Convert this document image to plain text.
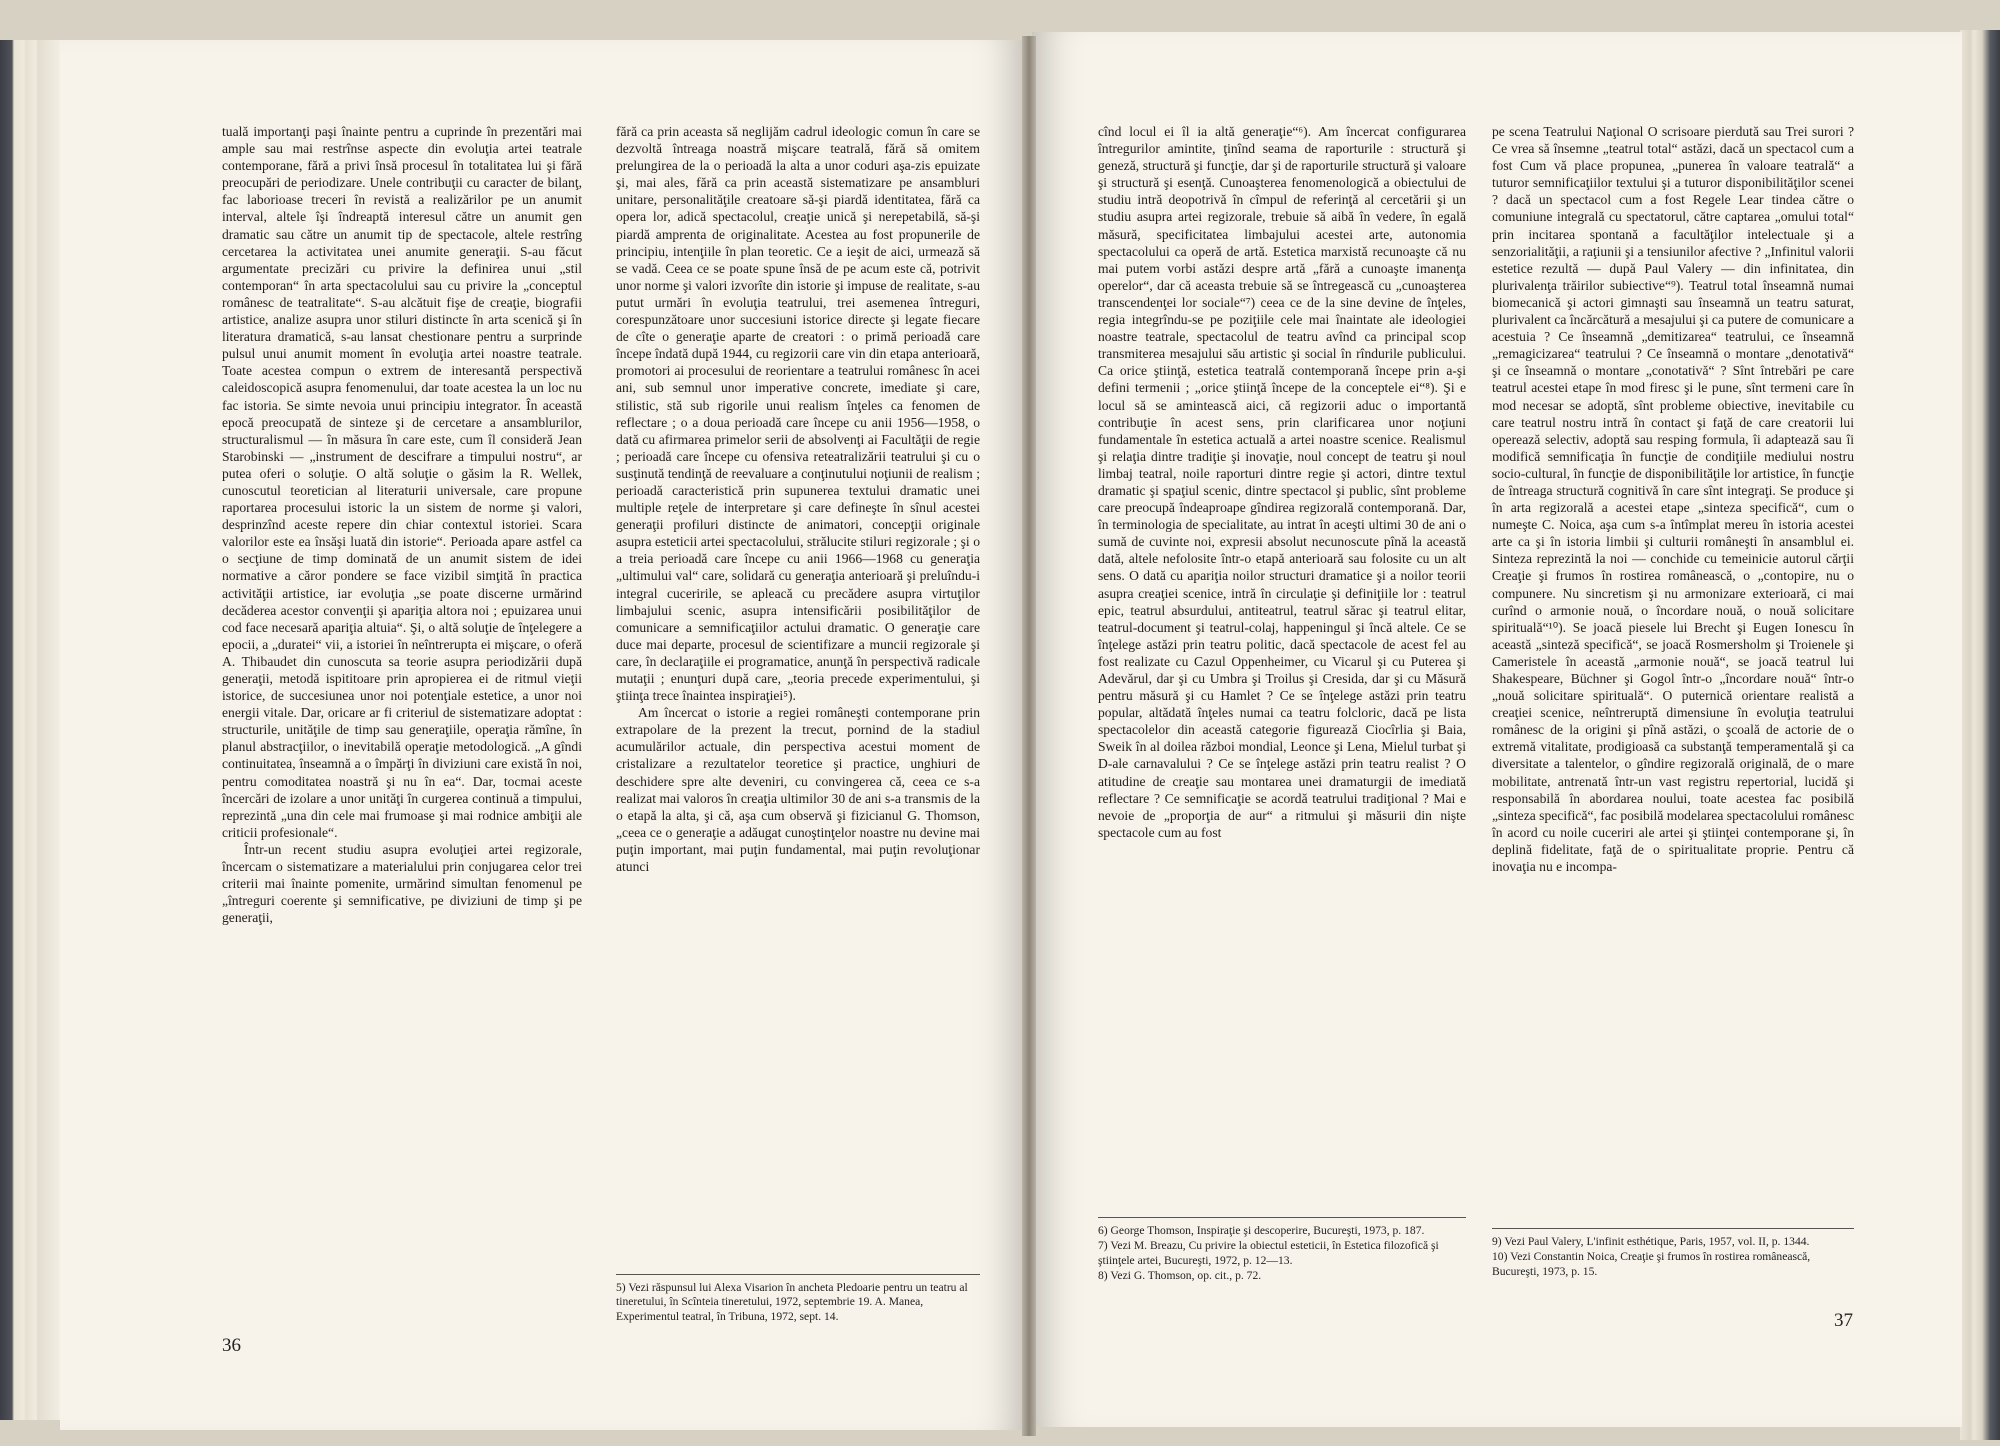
tuală importanţi paşi înainte pentru a cuprinde în prezentări mai ample sau mai restrînse aspecte din evoluţia artei teatrale contemporane, fără a privi însă procesul în totalitatea lui şi fără preocupări de periodizare. Unele contribuţii cu caracter de bilanţ, fac laborioase treceri în revistă a realizărilor pe un anumit interval, altele îşi îndreaptă interesul către un anumit gen dramatic sau către un anumit tip de spectacole, altele restrîng cercetarea la activitatea unei anumite generaţii. S-au făcut argumentate precizări cu privire la definirea unui „stil contemporan“ în arta spectacolului sau cu privire la „conceptul românesc de teatralitate“. S-au alcătuit fişe de creaţie, biografii artistice, analize asupra unor stiluri distincte în arta scenică şi în literatura dramatică, s-au lansat chestionare pentru a surprinde pulsul unui anumit moment în evoluţia artei noastre teatrale. Toate acestea compun o extrem de interesantă perspectivă caleidoscopică asupra fenomenului, dar toate acestea la un loc nu fac istoria. Se simte nevoia unui principiu integrator. În această epocă preocupată de sinteze şi de cercetare a ansamblurilor, structuralismul — în măsura în care este, cum îl consideră Jean Starobinski — „instrument de descifrare a timpului nostru“, ar putea oferi o soluţie. O altă soluţie o găsim la R. Wellek, cunoscutul teoretician al literaturii universale, care propune raportarea procesului istoric la un sistem de norme şi valori, desprinzînd aceste repere din chiar contextul istoriei. Scara valorilor este ea însăşi luată din istorie“. Perioada apare astfel ca o secţiune de timp dominată de un anumit sistem de idei normative a căror pondere se face vizibil simţită în practica activităţii artistice, iar evoluţia „se poate discerne urmărind decăderea acestor convenţii şi apariţia altora noi ; epuizarea unui cod face necesară apariţia altuia“. Şi, o altă soluţie de înţelegere a epocii, a „duratei“ vii, a istoriei în neîntrerupta ei mişcare, o oferă A. Thibaudet din cunoscuta sa teorie asupra periodizării după generaţii, metodă ispititoare prin apropierea ei de ritmul vieţii istorice, de succesiunea unor noi potenţiale estetice, a unor noi energii vitale. Dar, oricare ar fi criteriul de sistematizare adoptat : structurile, unităţile de timp sau generaţiile, operaţia rămîne, în planul abstracţiilor, o inevitabilă operaţie metodologică. „A gîndi continuitatea, înseamnă a o împărţi în diviziuni care există în noi, pentru comoditatea noastră şi nu în ea“. Dar, tocmai aceste încercări de izolare a unor unităţi în curgerea continuă a timpului, reprezintă „una din cele mai frumoase şi mai rodnice ambiţii ale criticii profesionale“.

Într-un recent studiu asupra evoluţiei artei regizorale, încercam o sistematizare a materialului prin conjugarea celor trei criterii mai înainte pomenite, urmărind simultan fenomenul pe „întreguri coerente şi semnificative, pe diviziuni de timp şi pe generaţii,

fără ca prin aceasta să neglijăm cadrul ideologic comun în care se dezvoltă întreaga noastră mişcare teatrală, fără să omitem prelungirea de la o perioadă la alta a unor coduri aşa-zis epuizate şi, mai ales, fără ca prin această sistematizare pe ansambluri unitare, personalităţile creatoare să-şi piardă identitatea, fără ca opera lor, adică spectacolul, creaţie unică şi nerepetabilă, să-şi piardă amprenta de originalitate. Acestea au fost propunerile de principiu, intenţiile în plan teoretic. Ce a ieşit de aici, urmează să se vadă. Ceea ce se poate spune însă de pe acum este că, potrivit unor norme şi valori izvorîte din istorie şi impuse de realitate, s-au putut urmări în evoluţia teatrului, trei asemenea întreguri, corespunzătoare unor succesiuni istorice directe şi legate fiecare de cîte o generaţie aparte de creatori : o primă perioadă care începe îndată după 1944, cu regizorii care vin din etapa anterioară, promotori ai procesului de reorientare a teatrului românesc în acei ani, sub semnul unor imperative concrete, imediate şi care, stilistic, stă sub rigorile unui realism înţeles ca fenomen de reflectare ; o a doua perioadă care începe cu anii 1956—1958, o dată cu afirmarea primelor serii de absolvenţi ai Facultăţii de regie ; perioadă care începe cu ofensiva reteatralizării teatrului şi cu o susţinută tendinţă de reevaluare a conţinutului noţiunii de realism ; perioadă caracteristică prin supunerea textului dramatic unei multiple reţele de interpretare şi care defineşte în sînul acestei generaţii profiluri distincte de animatori, concepţii originale asupra esteticii artei spectacolului, strălucite stiluri regizorale ; şi o a treia perioadă care începe cu anii 1966—1968 cu generaţia „ultimului val“ care, solidară cu generaţia anterioară şi preluîndu-i integral cuceririle, se apleacă cu precădere asupra virtuţilor limbajului scenic, asupra intensificării posibilităţilor de comunicare a semnificaţiilor actului dramatic. O generaţie care duce mai departe, procesul de scientifizare a muncii regizorale şi care, în declaraţiile ei programatice, anunţă în perspectivă radicale mutaţii ; enunţuri după care, „teoria precede experimentului, şi ştiinţa trece înaintea inspiraţiei⁵).

Am încercat o istorie a regiei româneşti contemporane prin extrapolare de la prezent la trecut, pornind de la stadiul acumulărilor actuale, din perspectiva acestui moment de cristalizare a rezultatelor teoretice şi practice, unghiuri de deschidere spre alte deveniri, cu convingerea că, ceea ce s-a realizat mai valoros în creaţia ultimilor 30 de ani s-a transmis de la o etapă la alta, şi că, aşa cum observă şi fizicianul G. Thomson, „ceea ce o generaţie a adăugat cunoştinţelor noastre nu devine mai puţin important, mai puţin fundamental, mai puţin revoluţionar atunci

5) Vezi răspunsul lui Alexa Visarion în ancheta Pledoarie pentru un teatru al tineretului, în Scînteia tineretului, 1972, septembrie 19. A. Manea, Experimentul teatral, în Tribuna, 1972, sept. 14.
36

cînd locul ei îl ia altă generaţie“⁶). Am încercat configurarea întregurilor amintite, ţinînd seama de raporturile : structură şi geneză, structură şi funcţie, dar şi de raporturile structură şi valoare şi structură şi esenţă. Cunoaşterea fenomenologică a obiectului de studiu intră deopotrivă în cîmpul de referinţă al cercetării şi un studiu asupra artei regizorale, trebuie să aibă în vedere, în egală măsură, specificitatea limbajului acestei arte, autonomia spectacolului ca operă de artă. Estetica marxistă recunoaşte că nu mai putem vorbi astăzi despre artă „fără a cunoaşte imanenţa operelor“, dar că aceasta trebuie să se întregească cu „cunoaşterea transcendenţei lor sociale“⁷) ceea ce de la sine devine de înţeles, regia integrîndu-se pe poziţiile cele mai înaintate ale ideologiei noastre teatrale, spectacolul de teatru avînd ca principal scop transmiterea mesajului său artistic şi social în rîndurile publicului. Ca orice ştiinţă, estetica teatrală contemporană începe prin a-şi defini termenii ; „orice ştiinţă începe de la conceptele ei“⁸). Şi e locul să se amintească aici, că regizorii aduc o importantă contribuţie în acest sens, prin clarificarea unor noţiuni fundamentale în estetica actuală a artei noastre scenice. Realismul şi relaţia dintre tradiţie şi inovaţie, noul concept de teatru şi noul limbaj teatral, noile raporturi dintre regie şi actori, dintre textul dramatic şi spaţiul scenic, dintre spectacol şi public, sînt probleme care preocupă îndeaproape gîndirea regizorală contemporană. Dar, în terminologia de specialitate, au intrat în aceşti ultimi 30 de ani o sumă de cuvinte noi, expresii absolut necunoscute pînă la această dată, altele nefolosite într-o etapă anterioară sau folosite cu un alt sens. O dată cu apariţia noilor structuri dramatice şi a noilor teorii asupra creaţiei scenice, intră în circulaţie şi definiţiile lor : teatrul epic, teatrul absurdului, antiteatrul, teatrul sărac şi teatrul elitar, teatrul-document şi teatrul-colaj, happeningul şi încă altele. Ce se înţelege astăzi prin teatru politic, dacă spectacole de acest fel au fost realizate cu Cazul Oppenheimer, cu Vicarul şi cu Puterea şi Adevărul, dar şi cu Umbra şi Troilus şi Cresida, dar şi cu Măsură pentru măsură şi cu Hamlet ? Ce se înţelege astăzi prin teatru popular, altădată înţeles numai ca teatru folcloric, dacă pe lista spectacolelor din această categorie figurează Ciocîrlia şi Baia, Sweik în al doilea război mondial, Leonce şi Lena, Mielul turbat şi D-ale carnavalului ? Ce se înţelege astăzi prin teatru realist ? O atitudine de creaţie sau montarea unei dramaturgii de imediată reflectare ? Ce semnificaţie se acordă teatrului tradiţional ? Mai e nevoie de „proporţia de aur“ a ritmului şi măsurii din nişte spectacole cum au fost

pe scena Teatrului Naţional O scrisoare pierdută sau Trei surori ? Ce vrea să însemne „teatrul total“ astăzi, dacă un spectacol cum a fost Cum vă place propunea, „punerea în valoare teatrală“ a tuturor semnificaţiilor textului şi a tuturor disponibilităţilor scenei ? dacă un spectacol cum a fost Regele Lear tindea către o comuniune integrală cu spectatorul, către captarea „omului total“ prin incitarea spontană a facultăţilor intelectuale şi a senzorialităţii, a raţiunii şi a tensiunilor afective ? „Infinitul valorii estetice rezultă — după Paul Valery — din infinitatea, din plurivalenţa trăirilor subiective“⁹). Teatrul total înseamnă numai biomecanică şi actori gimnaşti sau înseamnă un teatru saturat, plurivalent ca încărcătură a mesajului şi ca putere de comunicare a acestuia ? Ce înseamnă „demitizarea“ teatrului, ce înseamnă „remagicizarea“ teatrului ? Ce înseamnă o montare „denotativă“ şi ce înseamnă o montare „conotativă“ ? Sînt întrebări pe care teatrul acestei etape în mod firesc şi le pune, sînt termeni care în mod necesar se adoptă, sînt probleme obiective, inevitabile cu care teatrul nostru intră în contact şi faţă de care creatorii lui operează selectiv, adoptă sau resping formula, îi adaptează sau îi modifică semnificaţia în funcţie de condiţiile mediului nostru socio-cultural, în funcţie de disponibilităţile lor artistice, în funcţie de întreaga structură cognitivă în care sînt integraţi. Se produce şi în arta regizorală a acestei etape „sinteza specifică“, cum o numeşte C. Noica, aşa cum s-a întîmplat mereu în istoria acestei arte ca şi în istoria limbii şi culturii româneşti în ansamblul ei. Sinteza reprezintă la noi — conchide cu temeinicie autorul cărţii Creaţie şi frumos în rostirea românească, o „contopire, nu o compunere. Nu sincretism şi nu armonizare exterioară, ci mai curînd o armonie nouă, o încordare nouă, o nouă solicitare spirituală“¹⁰). Se joacă piesele lui Brecht şi Eugen Ionescu în această „sinteză specifică“, se joacă Rosmersholm şi Troienele şi Cameristele în această „armonie nouă“, se joacă teatrul lui Shakespeare, Büchner şi Gogol într-o „încordare nouă“ într-o „nouă solicitare spirituală“. O puternică orientare realistă a creaţiei scenice, neîntreruptă dimensiune în evoluţia teatrului românesc de la origini şi pînă astăzi, o şcoală de actorie de o extremă vitalitate, prodigioasă ca substanţă temperamentală şi ca diversitate a talentelor, o gîndire regizorală originală, de o mare mobilitate, antrenată într-un vast registru repertorial, lucidă şi responsabilă în abordarea noului, toate acestea fac posibilă „sinteza specifică“, fac posibilă modelarea spectacolului românesc în acord cu noile cuceriri ale artei şi ştiinţei contemporane şi, în deplină fidelitate, faţă de o spiritualitate proprie. Pentru că inovaţia nu e incompa-

6) George Thomson, Inspiraţie şi descoperire, Bucureşti, 1973, p. 187.
7) Vezi M. Breazu, Cu privire la obiectul esteticii, în Estetica filozofică şi ştiinţele artei, Bucureşti, 1972, p. 12—13.
8) Vezi G. Thomson, op. cit., p. 72.
9) Vezi Paul Valery, L'infinit esthétique, Paris, 1957, vol. II, p. 1344.
10) Vezi Constantin Noica, Creaţie şi frumos în rostirea românească, Bucureşti, 1973, p. 15.
37
